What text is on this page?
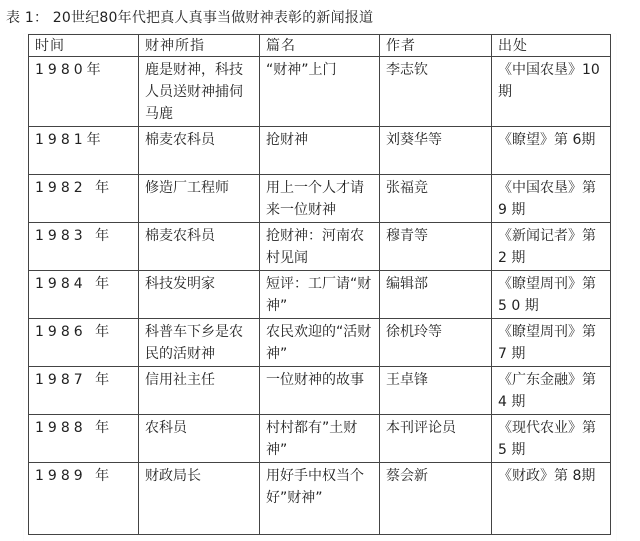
表 1： 20世纪80年代把真人真事当做财神表彰的新闻报道
时间	财神所指	篇名	作者	出处
1980年	鹿是财神，科技人员送财神捕伺马鹿	“财神”上门	李志钦	《中国农垦》10 期
1981年	棉麦农科员	抢财神	刘葵华等	《瞭望》第 6期
1982 年	修造厂工程师	用上一个人才请来一位财神	张福竞	《中国农垦》第 9 期
1983 年	棉麦农科员	抢财神：河南农村见闻	穆青等	《新闻记者》第 2 期
1984 年	科技发明家	短评：工厂请“财神”	编辑部	《瞭望周刊》第 5 0 期
1986 年	科普车下乡是农民的活财神	农民欢迎的“活财神”	徐机玲等	《瞭望周刊》第 7 期
1987 年	信用社主任	一位财神的故事	王卓锋	《广东金融》第 4 期
1988 年	农科员	村村都有”土财神”	本刊评论员	《现代农业》第 5 期
1989 年	财政局长	用好手中权当个好”财神”	蔡会新	《财政》第 8期
